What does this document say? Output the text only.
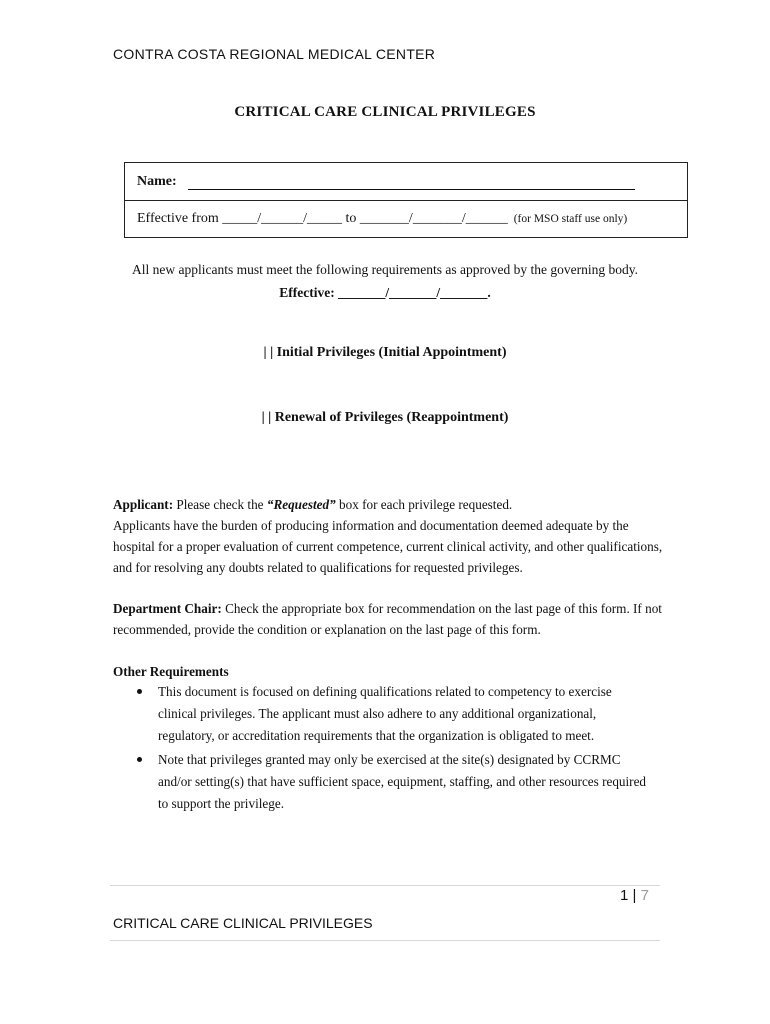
CONTRA COSTA REGIONAL MEDICAL CENTER
CRITICAL CARE CLINICAL PRIVILEGES
Name:
Effective from _____/______/_____ to _______/_______/______ (for MSO staff use only)
All new applicants must meet the following requirements as approved by the governing body.
Effective: _______/_______/_______.
| | Initial Privileges (Initial Appointment)
| | Renewal of Privileges (Reappointment)
Applicant: Please check the “Requested” box for each privilege requested.
Applicants have the burden of producing information and documentation deemed adequate by the hospital for a proper evaluation of current competence, current clinical activity, and other qualifications, and for resolving any doubts related to qualifications for requested privileges.
Department Chair: Check the appropriate box for recommendation on the last page of this form. If not recommended, provide the condition or explanation on the last page of this form.
Other Requirements
This document is focused on defining qualifications related to competency to exercise clinical privileges. The applicant must also adhere to any additional organizational, regulatory, or accreditation requirements that the organization is obligated to meet.
Note that privileges granted may only be exercised at the site(s) designated by CCRMC and/or setting(s) that have sufficient space, equipment, staffing, and other resources required to support the privilege.
1 | 7
CRITICAL CARE CLINICAL PRIVILEGES
